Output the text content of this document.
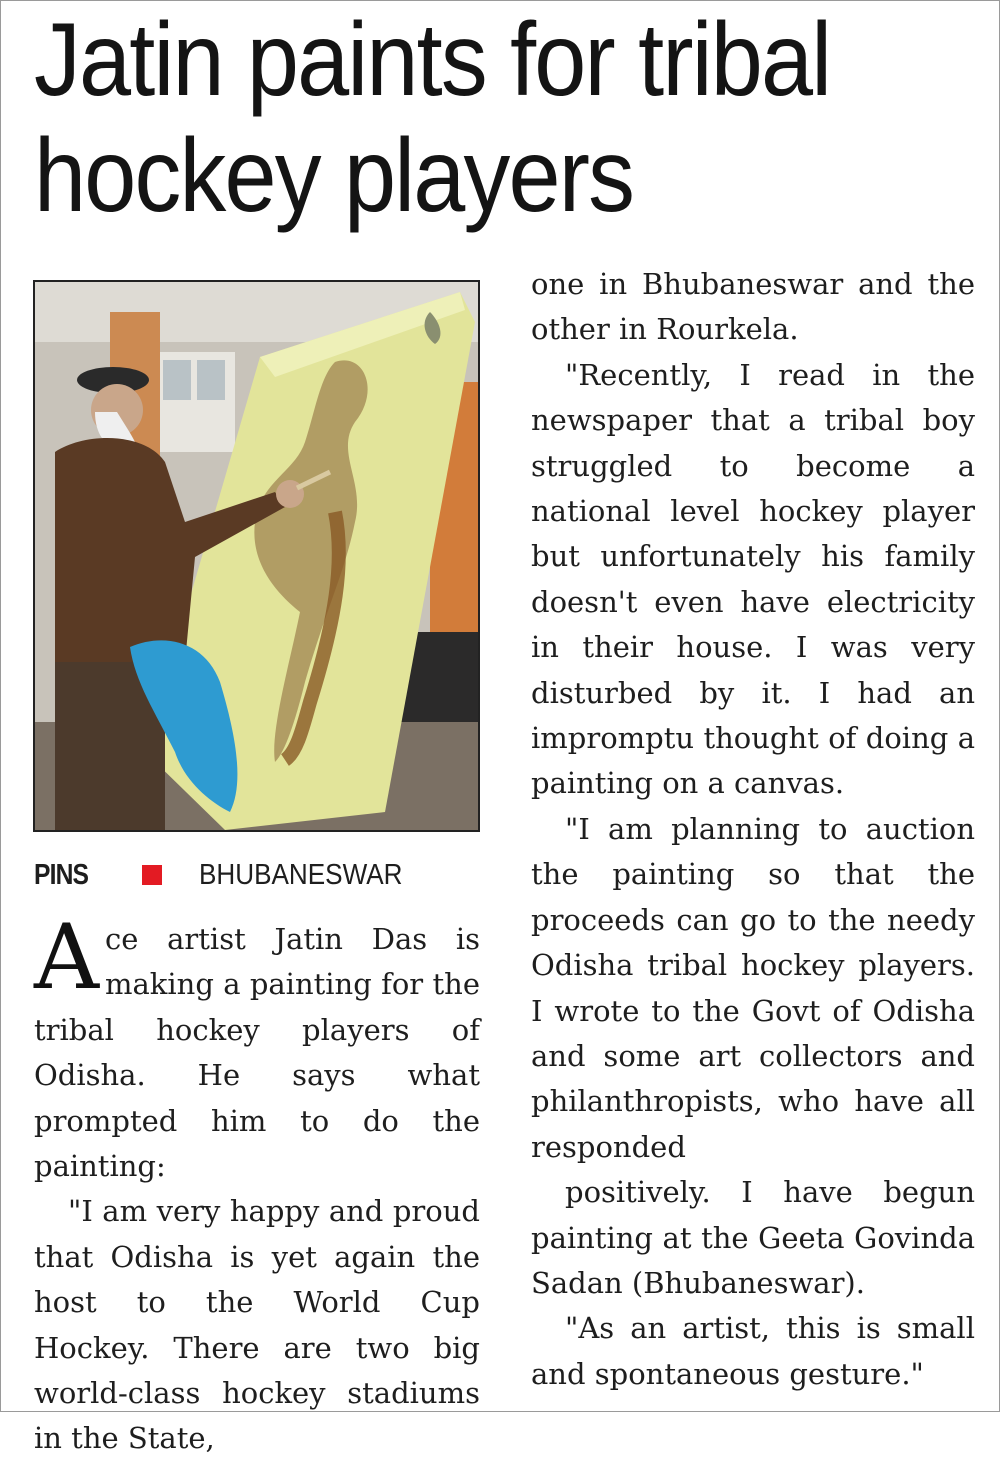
Jatin paints for tribal
hockey players
PINS	BHUBANESWAR

Ace artist Jatin Das is making a painting for the tribal hockey players of Odisha. He says what prompted him to do the painting:

"I am very happy and proud that Odisha is yet again the host to the World Cup Hockey. There are two big world-class hockey stadiums in the State,

one in Bhubaneswar and the other in Rourkela.

"Recently, I read in the newspaper that a tribal boy struggled to become a national level hockey player but unfortunately his family doesn't even have electricity in their house. I was very disturbed by it. I had an impromptu thought of doing a painting on a canvas.

"I am planning to auction the painting so that the proceeds can go to the needy Odisha tribal hockey players. I wrote to the Govt of Odisha and some art collectors and philanthropists, who have all responded

positively. I have begun painting at the Geeta Govinda Sadan (Bhubaneswar).

"As an artist, this is small and spontaneous gesture."
